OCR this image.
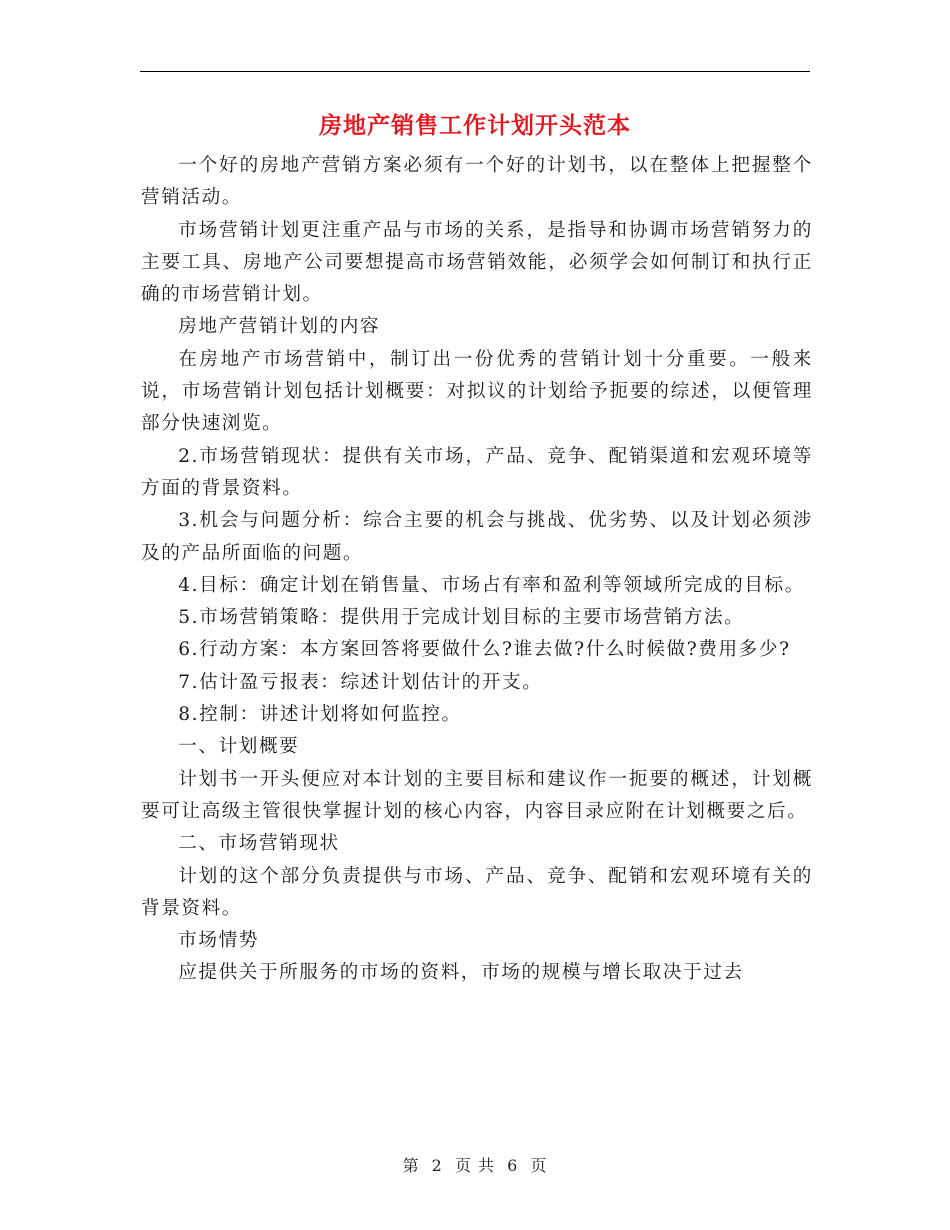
房地产销售工作计划开头范本

一个好的房地产营销方案必须有一个好的计划书，以在整体上把握整个营销活动。

市场营销计划更注重产品与市场的关系，是指导和协调市场营销努力的主要工具、房地产公司要想提高市场营销效能，必须学会如何制订和执行正确的市场营销计划。

房地产营销计划的内容

在房地产市场营销中，制订出一份优秀的营销计划十分重要。一般来说，市场营销计划包括计划概要：对拟议的计划给予扼要的综述，以便管理部分快速浏览。

2.市场营销现状：提供有关市场，产品、竞争、配销渠道和宏观环境等方面的背景资料。

3.机会与问题分析：综合主要的机会与挑战、优劣势、以及计划必须涉及的产品所面临的问题。

4.目标：确定计划在销售量、市场占有率和盈利等领域所完成的目标。

5.市场营销策略：提供用于完成计划目标的主要市场营销方法。

6.行动方案：本方案回答将要做什么?谁去做?什么时候做?费用多少?

7.估计盈亏报表：综述计划估计的开支。

8.控制：讲述计划将如何监控。

一、计划概要

计划书一开头便应对本计划的主要目标和建议作一扼要的概述，计划概要可让高级主管很快掌握计划的核心内容，内容目录应附在计划概要之后。

二、市场营销现状

计划的这个部分负责提供与市场、产品、竞争、配销和宏观环境有关的背景资料。

市场情势

应提供关于所服务的市场的资料，市场的规模与增长取决于过去

第 2 页 共 6 页
